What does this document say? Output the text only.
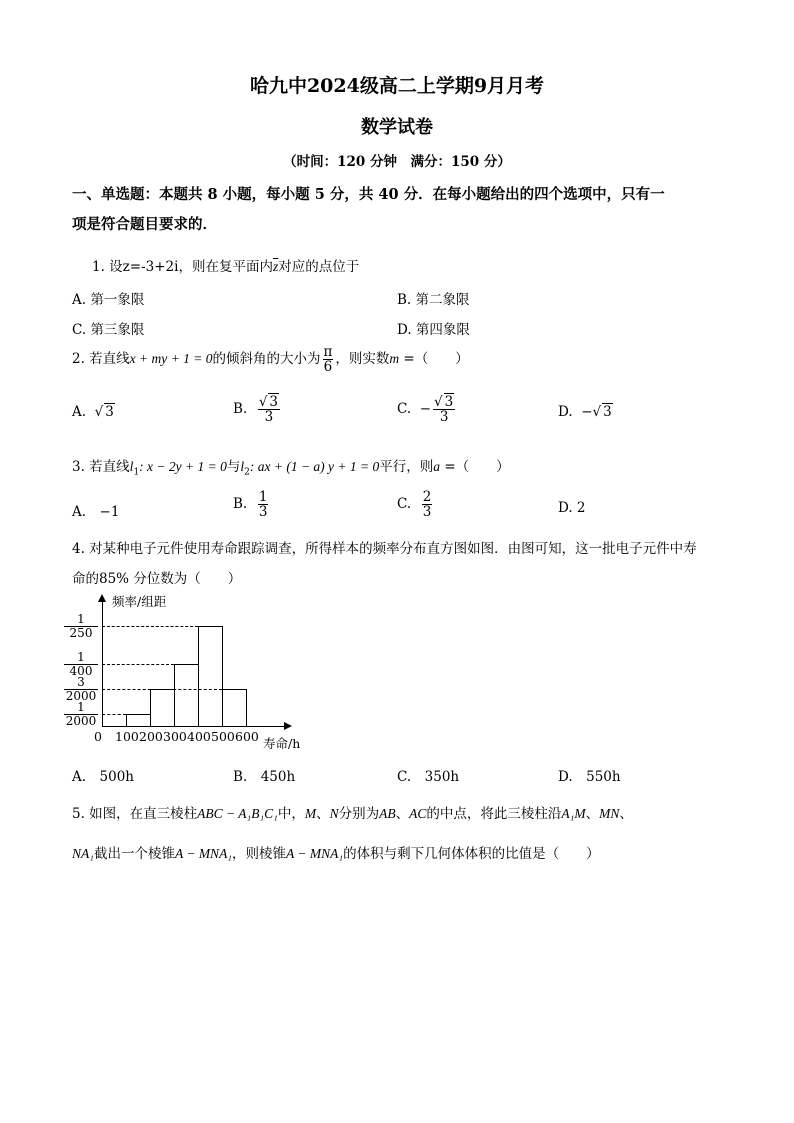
哈九中2024级高二上学期9月月考
数学试卷
（时间：120 分钟　满分：150 分）
一、单选题：本题共 8 小题，每小题 5 分，共 40 分．在每小题给出的四个选项中，只有一
项是符合题目要求的．
1. 设z=-3+2i，则在复平面内$\overline{z}$对应的点位于
A. 第一象限	B. 第二象限
C. 第三象限	D. 第四象限
2. 若直线x + my + 1 = 0的倾斜角的大小为 $\frac{\pi}{6}$ ，则实数m =（　　）
A.  √ 3	B. $\frac{√ 3}{3}$	C. − $\frac{√ 3}{3}$	D. −√ 3
3. 若直线$l_1$: x − 2y + 1 = 0与$l_2$: ax + (1 − a) y + 1 = 0平行，则a =（　　）
A.　−1	B. $\frac{1}{3}$	C. $\frac{2}{3}$	D. 2
4. 对某种电子元件使用寿命跟踪调查，所得样本的频率分布直方图如图．由图可知，这一批电子元件中寿
命的85% 分位数为（　　）
频率/组距
寿命/h
1
250
1
400
3
2000
1
2000
0 100 200 300 400 500 600
A.　500h	B.　450h	C.　350h	D.　550h
5. 如图，在直三棱柱ABC − A₁B₁C₁中，M、N分别为AB、AC的中点，将此三棱柱沿A₁M、MN、
NA₁截出一个棱锥A − MNA₁，则棱锥A − MNA₁的体积与剩下几何体体积的比值是（　　）
